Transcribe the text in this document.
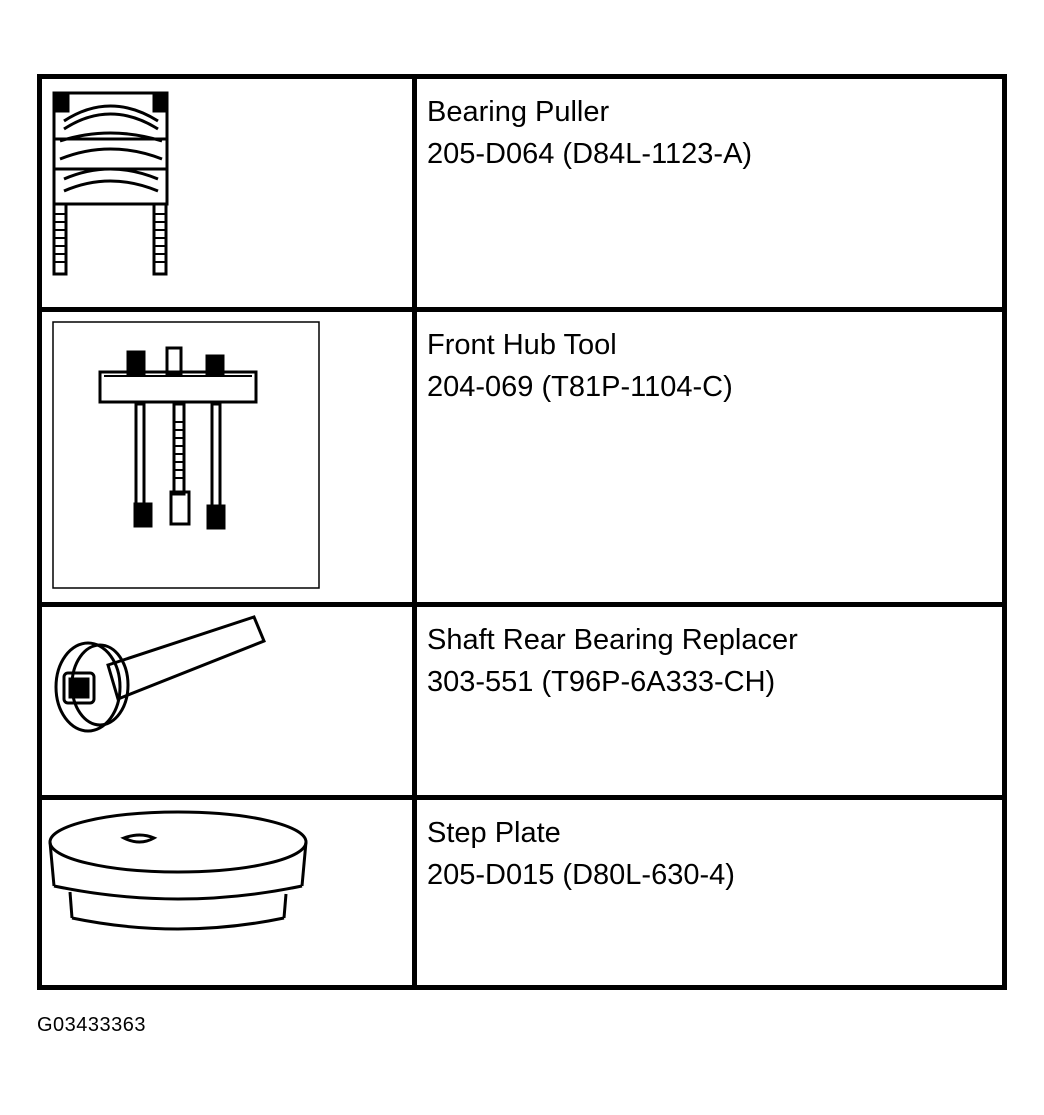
Bearing Puller
205-D064 (D84L-1123-A)
Front Hub Tool
204-069 (T81P-1104-C)
Shaft Rear Bearing Replacer
303-551 (T96P-6A333-CH)
Step Plate
205-D015 (D80L-630-4)
G03433363
